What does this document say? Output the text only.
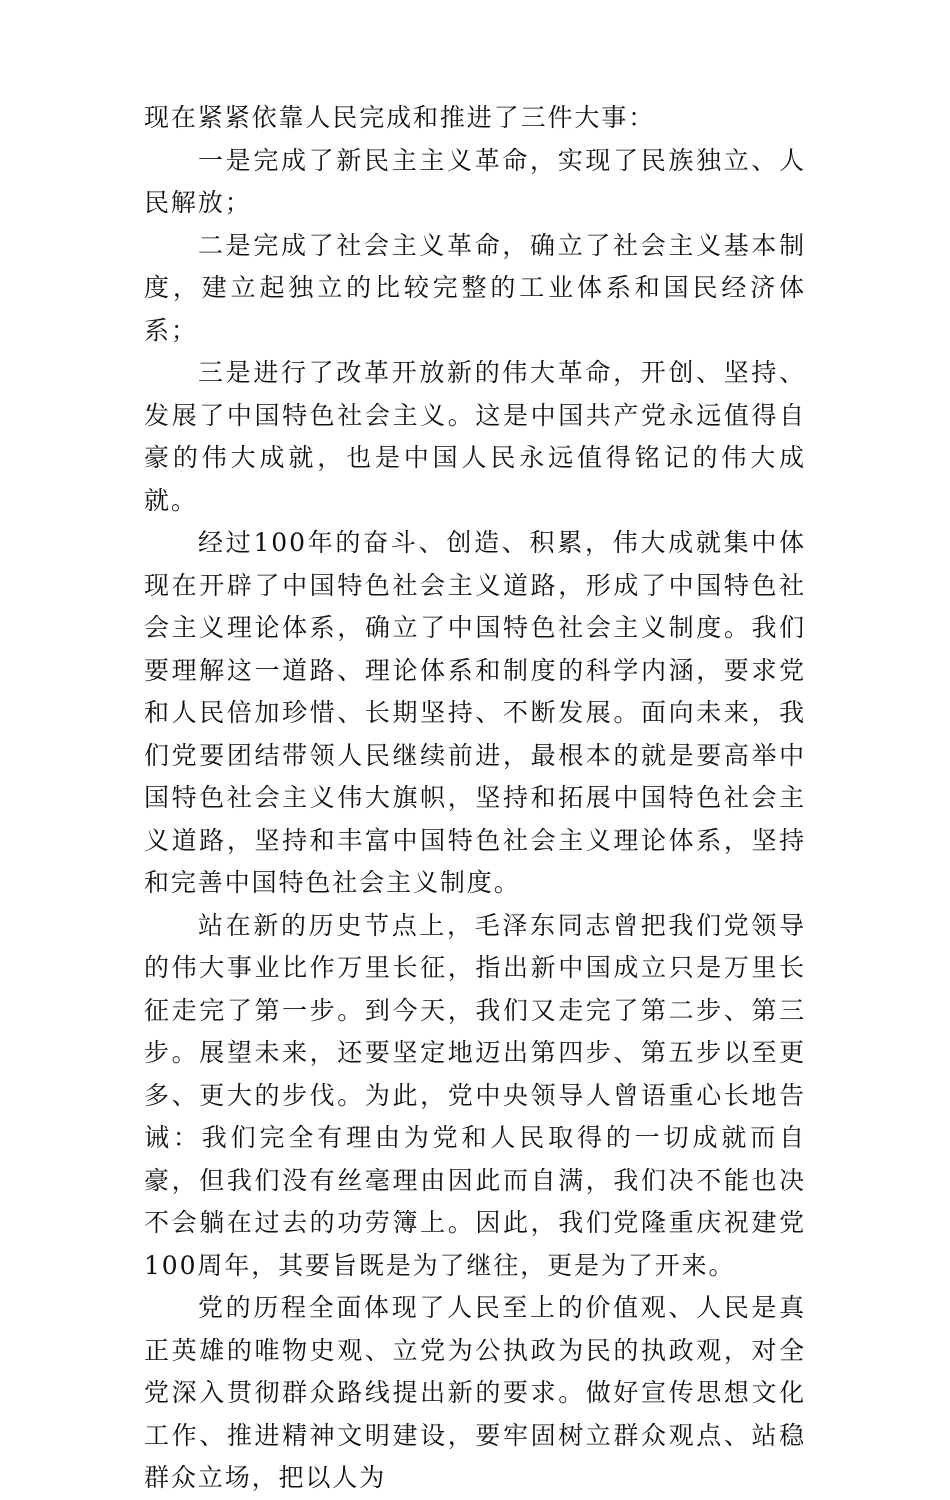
现在紧紧依靠人民完成和推进了三件大事：

一是完成了新民主主义革命，实现了民族独立、人民解放；

二是完成了社会主义革命，确立了社会主义基本制度，建立起独立的比较完整的工业体系和国民经济体系；

三是进行了改革开放新的伟大革命，开创、坚持、发展了中国特色社会主义。这是中国共产党永远值得自豪的伟大成就，也是中国人民永远值得铭记的伟大成就。

经过100年的奋斗、创造、积累，伟大成就集中体现在开辟了中国特色社会主义道路，形成了中国特色社会主义理论体系，确立了中国特色社会主义制度。我们要理解这一道路、理论体系和制度的科学内涵，要求党和人民倍加珍惜、长期坚持、不断发展。面向未来，我们党要团结带领人民继续前进，最根本的就是要高举中国特色社会主义伟大旗帜，坚持和拓展中国特色社会主义道路，坚持和丰富中国特色社会主义理论体系，坚持和完善中国特色社会主义制度。

站在新的历史节点上，毛泽东同志曾把我们党领导的伟大事业比作万里长征，指出新中国成立只是万里长征走完了第一步。到今天，我们又走完了第二步、第三步。展望未来，还要坚定地迈出第四步、第五步以至更多、更大的步伐。为此，党中央领导人曾语重心长地告诫：我们完全有理由为党和人民取得的一切成就而自豪，但我们没有丝毫理由因此而自满，我们决不能也决不会躺在过去的功劳簿上。因此，我们党隆重庆祝建党100周年，其要旨既是为了继往，更是为了开来。

党的历程全面体现了人民至上的价值观、人民是真正英雄的唯物史观、立党为公执政为民的执政观，对全党深入贯彻群众路线提出新的要求。做好宣传思想文化工作、推进精神文明建设，要牢固树立群众观点、站稳群众立场，把以人为
